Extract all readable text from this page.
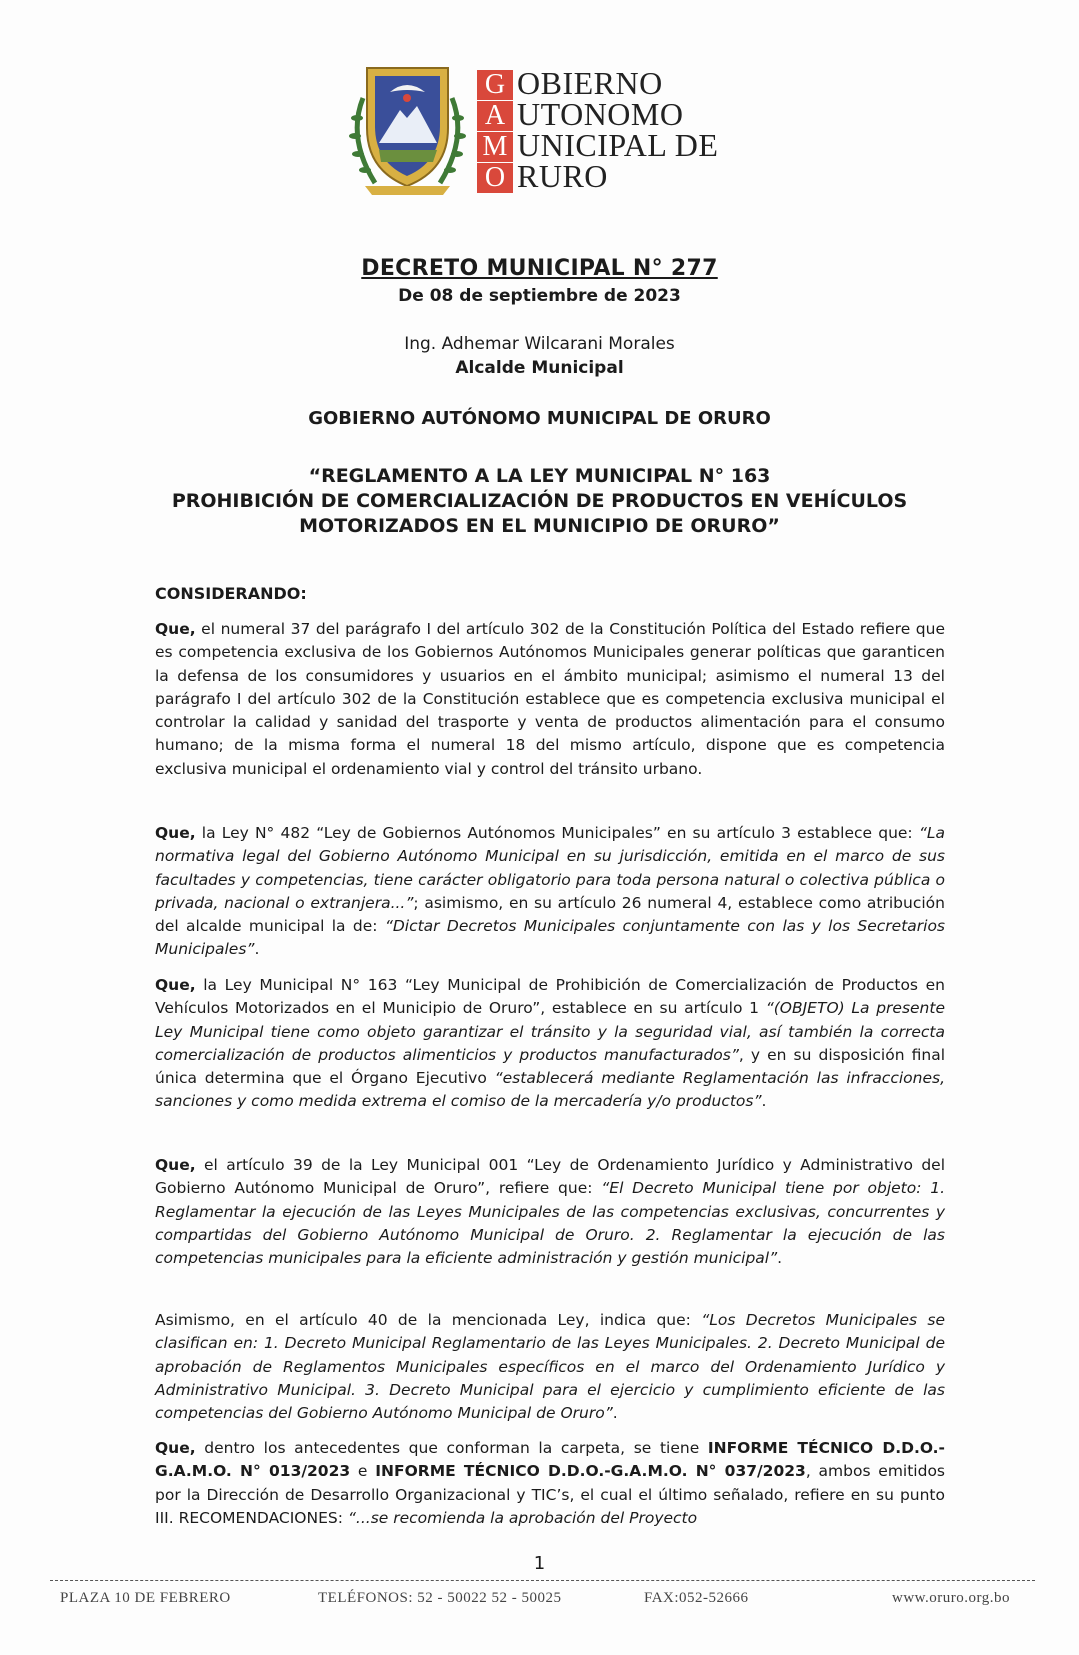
G
A
M
O
OBIERNO
UTONOMO
UNICIPAL DE
RURO
DECRETO MUNICIPAL N° 277
De 08 de septiembre de 2023
Ing. Adhemar Wilcarani Morales
Alcalde Municipal
GOBIERNO AUTÓNOMO MUNICIPAL DE ORURO
“REGLAMENTO A LA LEY MUNICIPAL N° 163
PROHIBICIÓN DE COMERCIALIZACIÓN DE PRODUCTOS EN VEHÍCULOS
MOTORIZADOS EN EL MUNICIPIO DE ORURO”
CONSIDERANDO:
Que, el numeral 37 del parágrafo I del artículo 302 de la Constitución Política del Estado refiere que es competencia exclusiva de los Gobiernos Autónomos Municipales generar políticas que garanticen la defensa de los consumidores y usuarios en el ámbito municipal; asimismo el numeral 13 del parágrafo I del artículo 302 de la Constitución establece que es competencia exclusiva municipal el controlar la calidad y sanidad del trasporte y venta de productos alimentación para el consumo humano; de la misma forma el numeral 18 del mismo artículo, dispone que es competencia exclusiva municipal el ordenamiento vial y control del tránsito urbano.
Que, la Ley N° 482 “Ley de Gobiernos Autónomos Municipales” en su artículo 3 establece que: “La normativa legal del Gobierno Autónomo Municipal en su jurisdicción, emitida en el marco de sus facultades y competencias, tiene carácter obligatorio para toda persona natural o colectiva pública o privada, nacional o extranjera...”; asimismo, en su artículo 26 numeral 4, establece como atribución del alcalde municipal la de: “Dictar Decretos Municipales conjuntamente con las y los Secretarios Municipales”.
Que, la Ley Municipal N° 163 “Ley Municipal de Prohibición de Comercialización de Productos en Vehículos Motorizados en el Municipio de Oruro”, establece en su artículo 1 “(OBJETO) La presente Ley Municipal tiene como objeto garantizar el tránsito y la seguridad vial, así también la correcta comercialización de productos alimenticios y productos manufacturados”, y en su disposición final única determina que el Órgano Ejecutivo “establecerá mediante Reglamentación las infracciones, sanciones y como medida extrema el comiso de la mercadería y/o productos”.
Que, el artículo 39 de la Ley Municipal 001 “Ley de Ordenamiento Jurídico y Administrativo del Gobierno Autónomo Municipal de Oruro”, refiere que: “El Decreto Municipal tiene por objeto: 1. Reglamentar la ejecución de las Leyes Municipales de las competencias exclusivas, concurrentes y compartidas del Gobierno Autónomo Municipal de Oruro. 2. Reglamentar la ejecución de las competencias municipales para la eficiente administración y gestión municipal”.
Asimismo, en el artículo 40 de la mencionada Ley, indica que: “Los Decretos Municipales se clasifican en: 1. Decreto Municipal Reglamentario de las Leyes Municipales. 2. Decreto Municipal de aprobación de Reglamentos Municipales específicos en el marco del Ordenamiento Jurídico y Administrativo Municipal. 3. Decreto Municipal para el ejercicio y cumplimiento eficiente de las competencias del Gobierno Autónomo Municipal de Oruro”.
Que, dentro los antecedentes que conforman la carpeta, se tiene INFORME TÉCNICO D.D.O.-G.A.M.O. N° 013/2023 e INFORME TÉCNICO D.D.O.-G.A.M.O. N° 037/2023, ambos emitidos por la Dirección de Desarrollo Organizacional y TIC’s, el cual el último señalado, refiere en su punto III. RECOMENDACIONES: “...se recomienda la aprobación del Proyecto
1
PLAZA 10 DE FEBRERO	TELÉFONOS: 52 - 50022 52 - 50025	FAX:052-52666	www.oruro.org.bo
